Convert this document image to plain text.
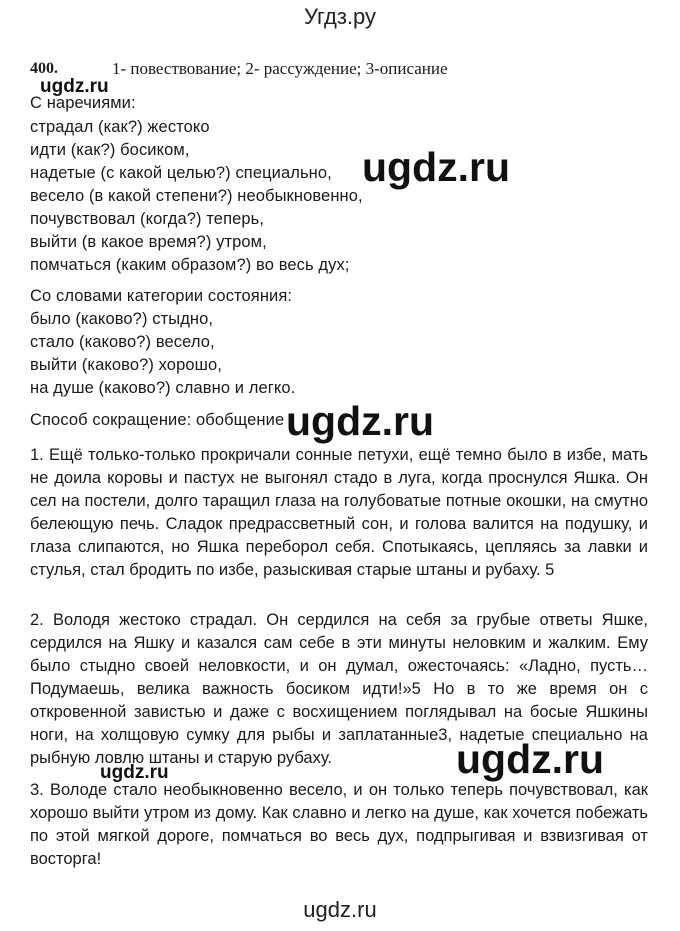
Угдз.ру
400.	1- повествование; 2- рассуждение; 3-описание
ugdz.ru
С наречиями:
страдал (как?) жестоко
идти (как?) босиком,
надетые (с какой целью?) специально,
весело (в какой степени?) необыкновенно,
почувствовал (когда?) теперь,
выйти (в какое время?) утром,
помчаться (каким образом?) во весь дух;
ugdz.ru
Со словами категории состояния:
было (каково?) стыдно,
стало (каково?) весело,
выйти (каково?) хорошо,
на душе (каково?) славно и легко.
Способ сокращение: обобщение ugdz.ru
1. Ещё только-только прокричали сонные петухи, ещё темно было в избе, мать не доила коровы и пастух не выгонял стадо в луга, когда проснулся Яшка. Он сел на постели, долго таращил глаза на голубоватые потные окошки, на смутно белеющую печь. Сладок предрассветный сон, и голова валится на подушку, и глаза слипаются, но Яшка переборол себя. Спотыкаясь, цепляясь за лавки и стулья, стал бродить по избе, разыскивая старые штаны и рубаху. 5
2. Володя жестоко страдал. Он сердился на себя за грубые ответы Яшке, сердился на Яшку и казался сам себе в эти минуты неловким и жалким. Ему было стыдно своей неловкости, и он думал, ожесточаясь: «Ладно, пусть… Подумаешь, велика важность босиком идти!»5 Но в то же время он с откровенной завистью и даже с восхищением поглядывал на босые Яшкины ноги, на холщовую сумку для рыбы и заплатанные3, надетые специально на рыбную ловлю штаны и старую рубаху.
ugdz.ru	ugdz.ru
3. Володе стало необыкновенно весело, и он только теперь почувствовал, как хорошо выйти утром из дому. Как славно и легко на душе, как хочется побежать по этой мягкой дороге, помчаться во весь дух, подпрыгивая и взвизгивая от восторга!
ugdz.ru
